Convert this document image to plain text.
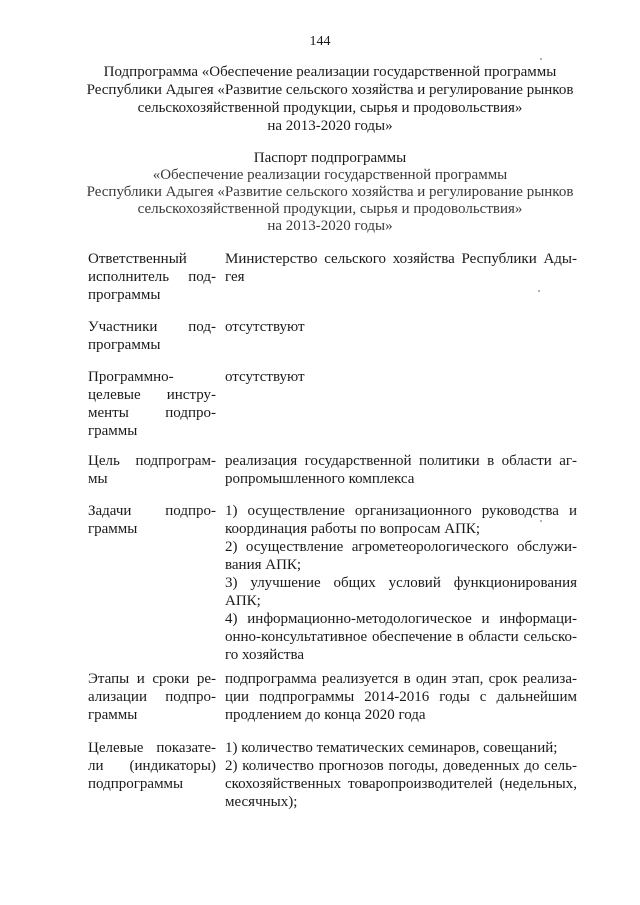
144
Подпрограмма «Обеспечение реализации государственной программы
Республики Адыгея «Развитие сельского хозяйства и регулирование рынков
сельскохозяйственной продукции, сырья и продовольствия»
на 2013-2020 годы»
Паспорт подпрограммы
«Обеспечение реализации государственной программы
Республики Адыгея «Развитие сельского хозяйства и регулирование рынков
сельскохозяйственной продукции, сырья и продовольствия»
на 2013-2020 годы»
Ответственный
исполнитель под-
программы
Министерство сельского хозяйства Республики Ады-
гея
Участники под-
программы
отсутствуют
Программно-
целевые инстру-
менты подпро-
граммы
отсутствуют
Цель подпрограм-
мы
реализация государственной политики в области аг-
ропромышленного комплекса
Задачи подпро-
граммы
1) осуществление организационного руководства и
координация работы по вопросам АПК;
2) осуществление агрометеорологического обслужи-
вания АПК;
3) улучшение общих условий функционирования
АПК;
4) информационно-методологическое и информаци-
онно-консультативное обеспечение в области сельско-
го хозяйства
Этапы и сроки ре-
ализации подпро-
граммы
подпрограмма реализуется в один этап, срок реализа-
ции подпрограммы 2014-2016 годы с дальнейшим
продлением до конца 2020 года
Целевые показате-
ли (индикаторы)
подпрограммы
1) количество тематических семинаров, совещаний;
2) количество прогнозов погоды, доведенных до сель-
скохозяйственных товаропроизводителей (недельных,
месячных);
